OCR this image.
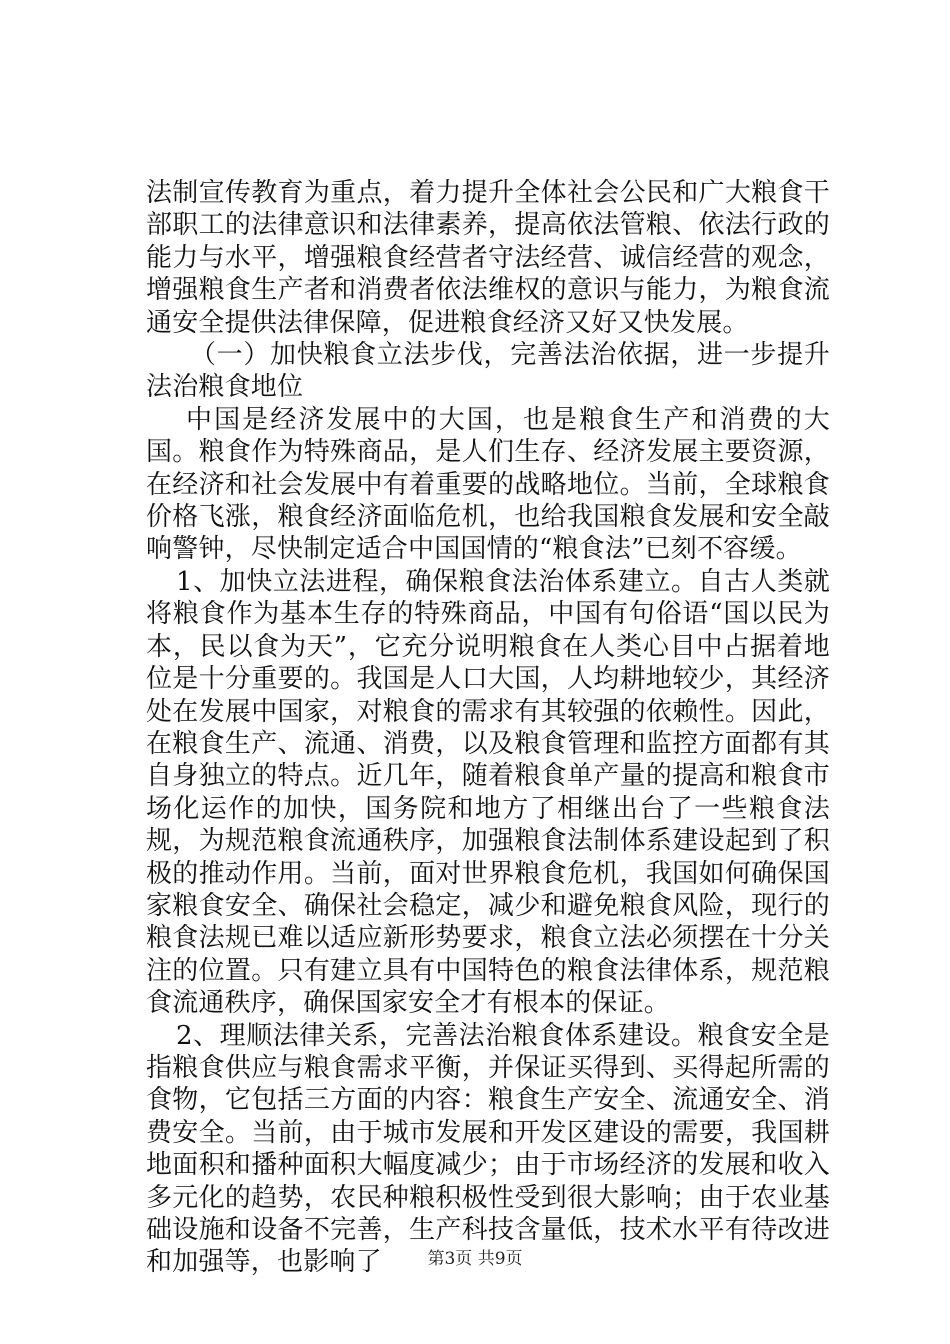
法制宣传教育为重点，着力提升全体社会公民和广大粮食干部职工的法律意识和法律素养，提高依法管粮、依法行政的能力与水平，增强粮食经营者守法经营、诚信经营的观念，增强粮食生产者和消费者依法维权的意识与能力，为粮食流通安全提供法律保障，促进粮食经济又好又快发展。

（一）加快粮食立法步伐，完善法治依据，进一步提升法治粮食地位

中国是经济发展中的大国，也是粮食生产和消费的大国。粮食作为特殊商品，是人们生存、经济发展主要资源，在经济和社会发展中有着重要的战略地位。当前，全球粮食价格飞涨，粮食经济面临危机，也给我国粮食发展和安全敲响警钟，尽快制定适合中国国情的“粮食法”已刻不容缓。

1、加快立法进程，确保粮食法治体系建立。自古人类就将粮食作为基本生存的特殊商品，中国有句俗语“国以民为本，民以食为天”，它充分说明粮食在人类心目中占据着地位是十分重要的。我国是人口大国，人均耕地较少，其经济处在发展中国家，对粮食的需求有其较强的依赖性。因此，在粮食生产、流通、消费，以及粮食管理和监控方面都有其自身独立的特点。近几年，随着粮食单产量的提高和粮食市场化运作的加快，国务院和地方了相继出台了一些粮食法规，为规范粮食流通秩序，加强粮食法制体系建设起到了积极的推动作用。当前，面对世界粮食危机，我国如何确保国家粮食安全、确保社会稳定，减少和避免粮食风险，现行的粮食法规已难以适应新形势要求，粮食立法必须摆在十分关注的位置。只有建立具有中国特色的粮食法律体系，规范粮食流通秩序，确保国家安全才有根本的保证。

2、理顺法律关系，完善法治粮食体系建设。粮食安全是指粮食供应与粮食需求平衡，并保证买得到、买得起所需的食物，它包括三方面的内容：粮食生产安全、流通安全、消费安全。当前，由于城市发展和开发区建设的需要，我国耕地面积和播种面积大幅度减少；由于市场经济的发展和收入多元化的趋势，农民种粮积极性受到很大影响；由于农业基础设施和设备不完善，生产科技含量低，技术水平有待改进和加强等，也影响了	第3页 共9页
